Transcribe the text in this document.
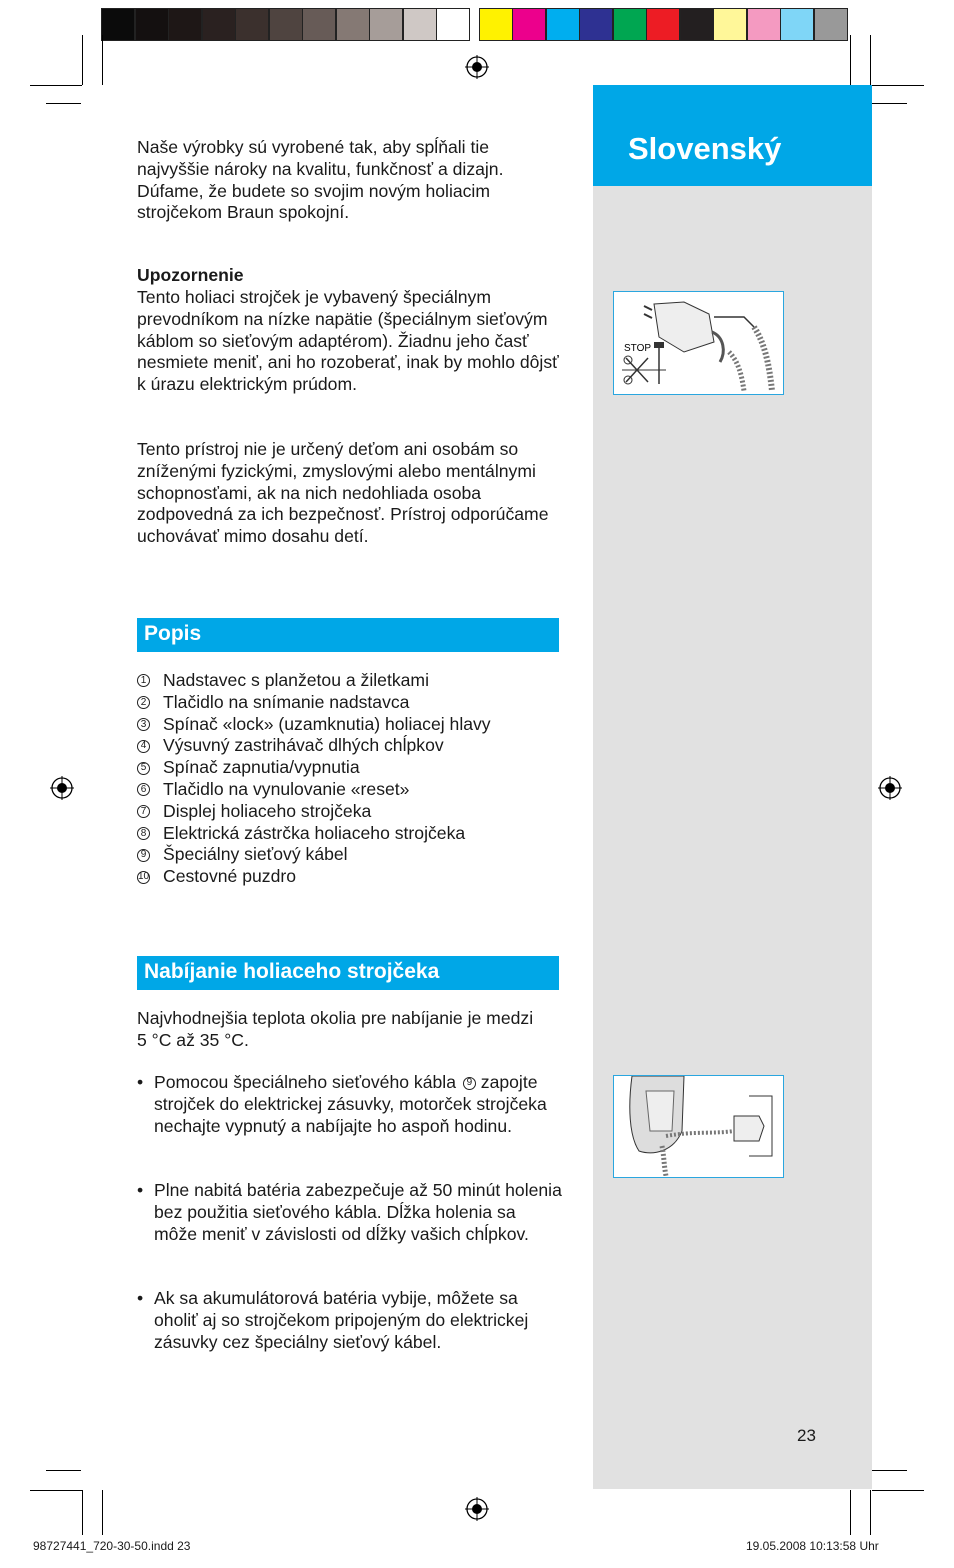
Slovenský
STOP
Naše výrobky sú vyrobené tak, aby spĺňali tie najvyššie nároky na kvalitu, funkčnosť a dizajn. Dúfame, že budete so svojim novým holiacim strojčekom Braun spokojní.
Upozornenie
Tento holiaci strojček je vybavený špeciálnym prevodníkom na nízke napätie (špeciálnym sieťovým káblom so sieťovým adaptérom). Žiadnu jeho časť nesmiete meniť, ani ho rozoberať, inak by mohlo dôjsť k úrazu elektrickým prúdom.
Tento prístroj nie je určený deťom ani osobám so zníženými fyzickými, zmyslovými alebo mentálnymi schopnosťami, ak na nich nedohliada osoba zodpovedná za ich bezpečnosť. Prístroj odporúčame uchovávať mimo dosahu detí.
Popis
1 Nadstavec s planžetou a žiletkami
2 Tlačidlo na snímanie nadstavca
3 Spínač «lock» (uzamknutia) holiacej hlavy
4 Výsuvný zastrihávač dlhých chĺpkov
5 Spínač zapnutia/vypnutia
6 Tlačidlo na vynulovanie «reset»
7 Displej holiaceho strojčeka
8 Elektrická zástrčka holiaceho strojčeka
9 Špeciálny sieťový kábel
10 Cestovné puzdro
Nabíjanie holiaceho strojčeka
Najvhodnejšia teplota okolia pre nabíjanie je medzi 5 °C až 35 °C.
• Pomocou špeciálneho sieťového kábla 9 zapojte strojček do elektrickej zásuvky, motorček strojčeka nechajte vypnutý a nabíjajte ho aspoň hodinu.
• Plne nabitá batéria zabezpečuje až 50 minút holenia bez použitia sieťového kábla. Dĺžka holenia sa môže meniť v závislosti od dĺžky vašich chĺpkov.
• Ak sa akumulátorová batéria vybije, môžete sa oholiť aj so strojčekom pripojeným do elektrickej zásuvky cez špeciálny sieťový kábel.
23
98727441_720-30-50.indd 23	19.05.2008 10:13:58 Uhr
